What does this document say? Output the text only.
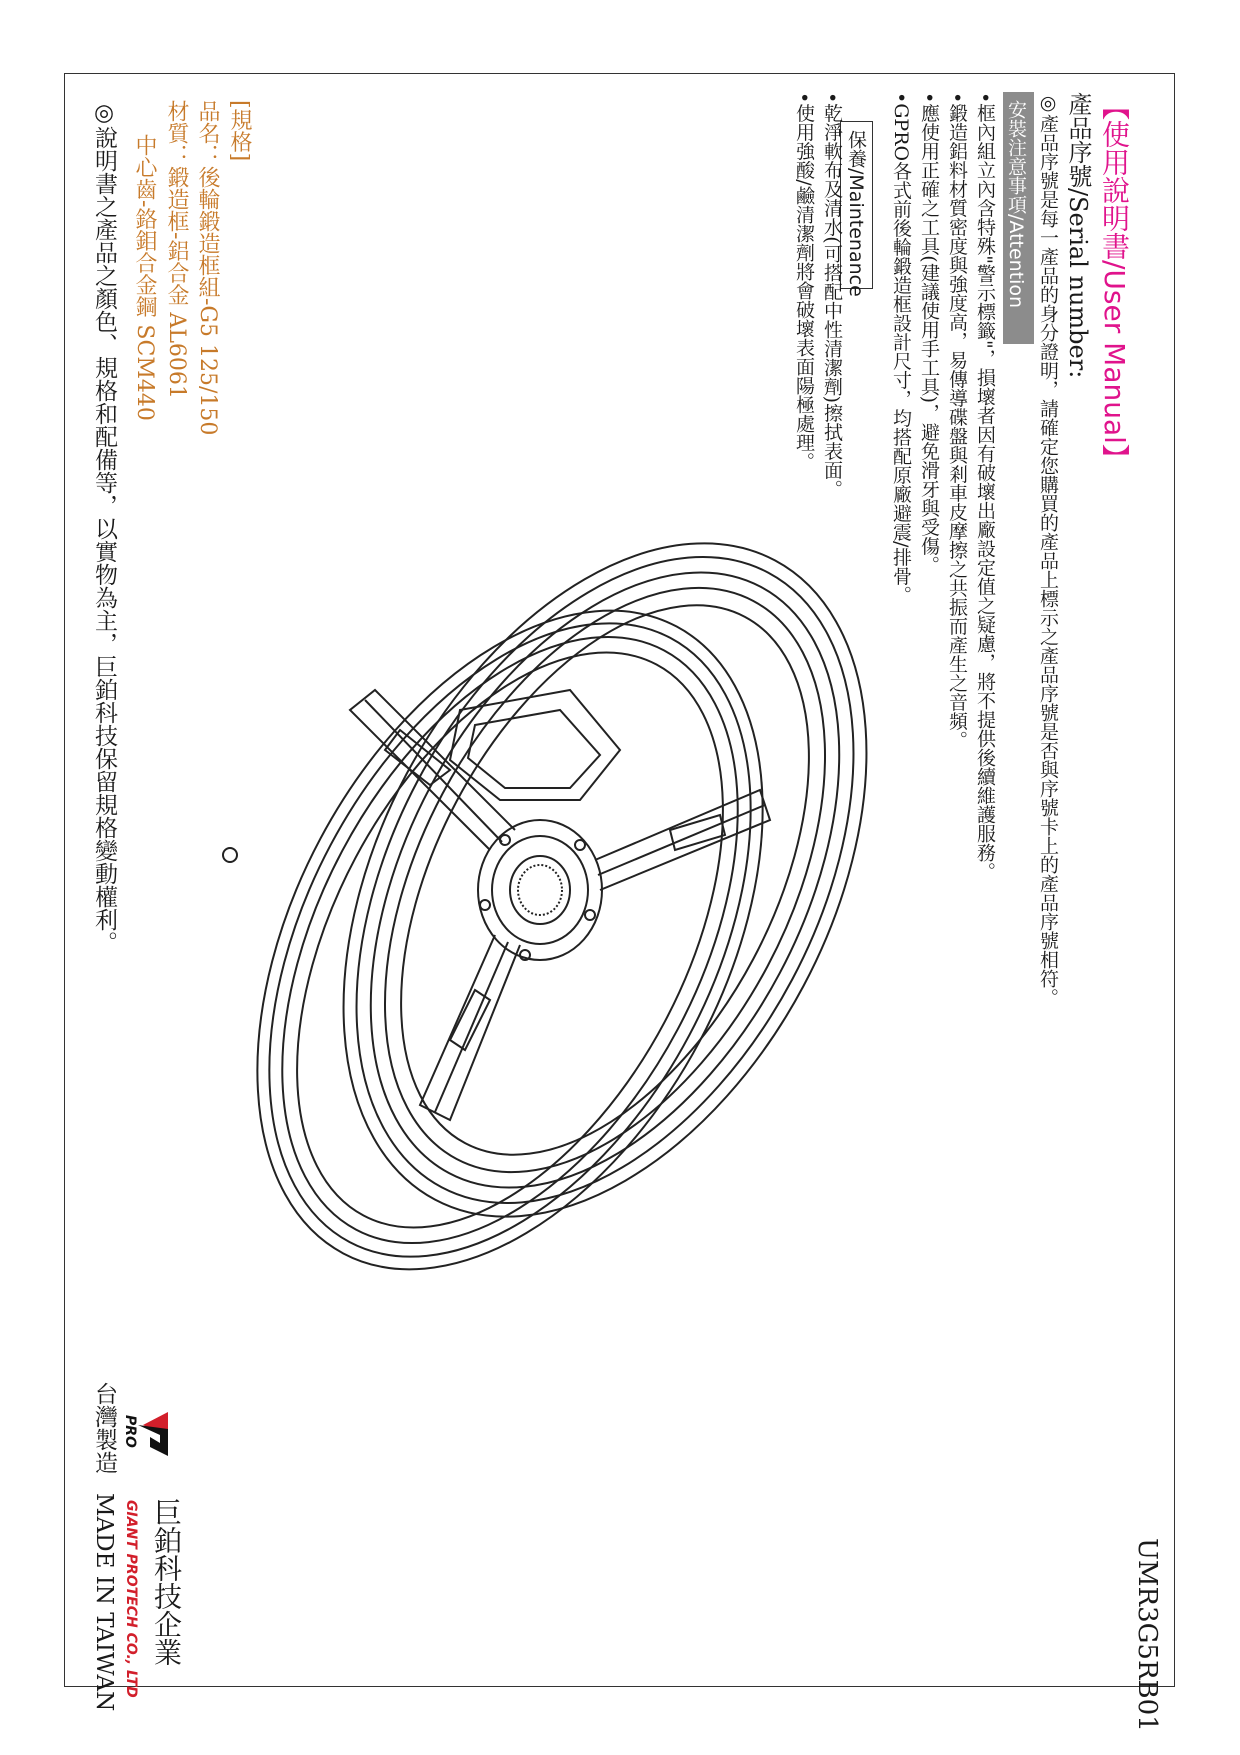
【使用說明書/User Manual】
產品序號/Serial number:
◎產品序號是每一產品的身分證明，請確定您購買的產品上標示之產品序號是否與序號卡上的產品序號相符。
安裝注意事項/Attention
•框內組立內含特殊"警示標籤"，損壞者因有破壞出廠設定值之疑慮，將不提供後續維護服務。
•鍛造鋁料材質密度與強度高，易傳導碟盤與剎車皮摩擦之共振而產生之音頻。
•應使用正確之工具(建議使用手工具)，避免滑牙與受傷。
•GPRO各式前後輪鍛造框設計尺寸，均搭配原廠避震/排骨。
保養/Maintenance
•乾淨軟布及清水(可搭配中性清潔劑)擦拭表面。
•使用強酸/鹼清潔劑將會破壞表面陽極處理。
[規格]
品名：後輪鍛造框組-G5 125/150
材質：鍛造框-鋁合金 AL6061
中心齒-鉻鉬合金鋼 SCM440
◎說明書之產品之顏色、規格和配備等，以實物為主，巨鉑科技保留規格變動權利。
UMR3G5RB01
PRO
巨鉑科技企業
GIANT PROTECH CO., LTD
台灣製造
MADE IN TAIWAN
